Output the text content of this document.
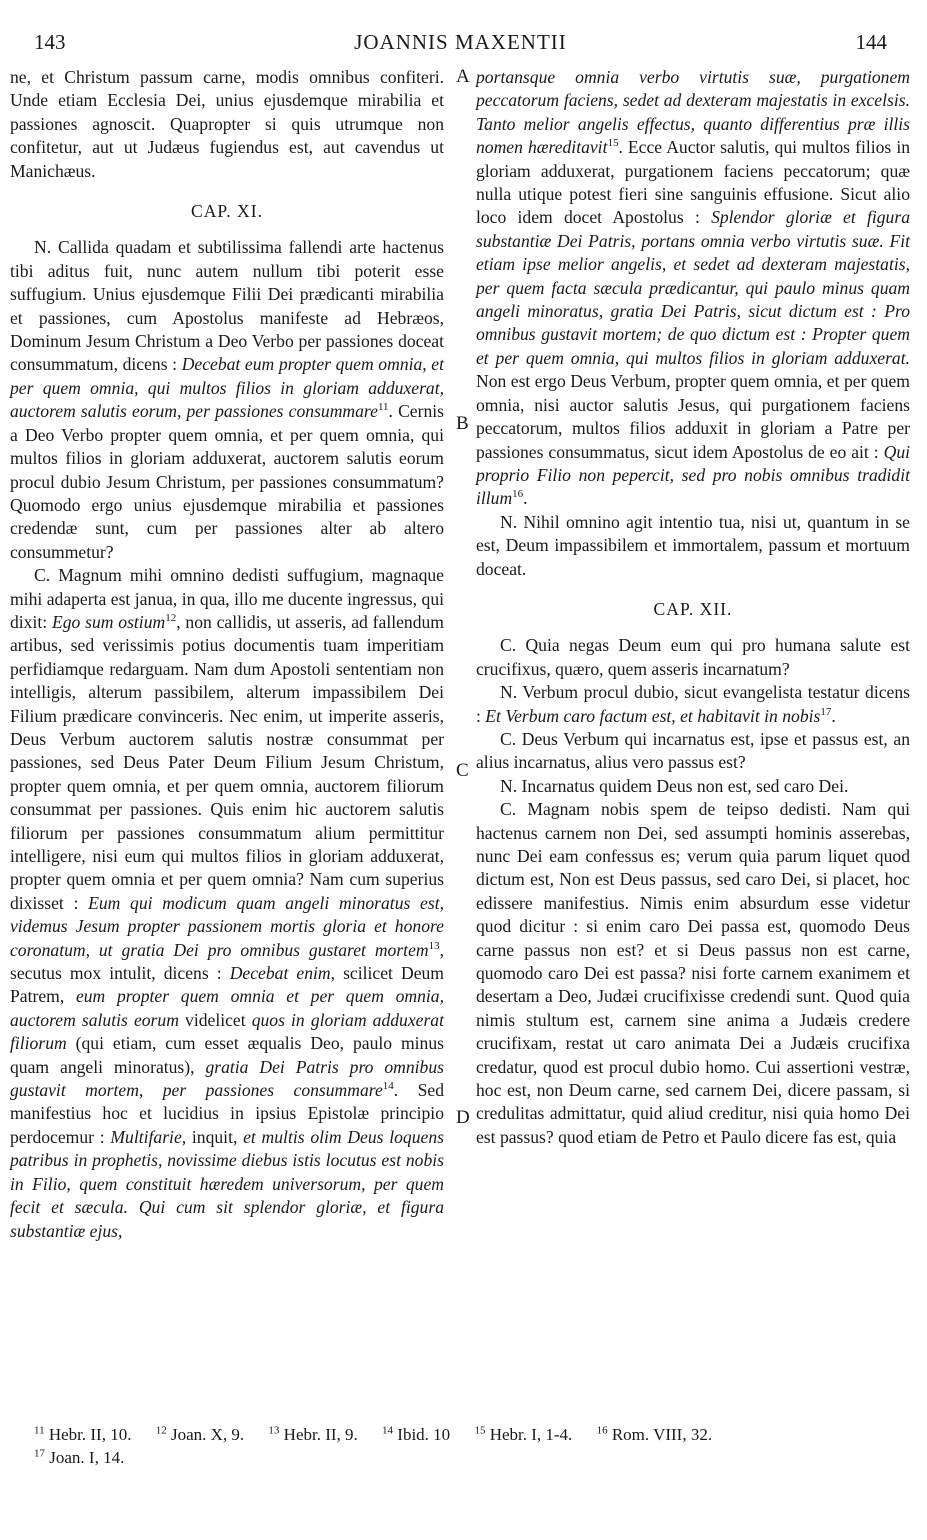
143	JOANNIS MAXENTII	144
A
B
C
D

ne, et Christum passum carne, modis omnibus confiteri. Unde etiam Ecclesia Dei, unius ejusdemque mirabilia et passiones agnoscit. Quapropter si quis utrumque non confitetur, aut ut Judæus fugiendus est, aut cavendus ut Manichæus.

CAP. XI.

N. Callida quadam et subtilissima fallendi arte hactenus tibi aditus fuit, nunc autem nullum tibi poterit esse suffugium. Unius ejusdemque Filii Dei prædicanti mirabilia et passiones, cum Apostolus manifeste ad Hebræos, Dominum Jesum Christum a Deo Verbo per passiones doceat consummatum, dicens : Decebat eum propter quem omnia, et per quem omnia, qui multos filios in gloriam adduxerat, auctorem salutis eorum, per passiones consummare$^{11}$. Cernis a Deo Verbo propter quem omnia, et per quem omnia, qui multos filios in gloriam adduxerat, auctorem salutis eorum procul dubio Jesum Christum, per passiones consummatum? Quomodo ergo unius ejusdemque mirabilia et passiones credendæ sunt, cum per passiones alter ab altero consummetur?

C. Magnum mihi omnino dedisti suffugium, magnaque mihi adaperta est janua, in qua, illo me ducente ingressus, qui dixit: Ego sum ostium$^{12}$, non callidis, ut asseris, ad fallendum artibus, sed verissimis potius documentis tuam imperitiam perfidiamque redarguam. Nam dum Apostoli sententiam non intelligis, alterum passibilem, alterum impassibilem Dei Filium prædicare convinceris. Nec enim, ut imperite asseris, Deus Verbum auctorem salutis nostræ consummat per passiones, sed Deus Pater Deum Filium Jesum Christum, propter quem omnia, et per quem omnia, auctorem filiorum consummat per passiones. Quis enim hic auctorem salutis filiorum per passiones consummatum alium permittitur intelligere, nisi eum qui multos filios in gloriam adduxerat, propter quem omnia et per quem omnia? Nam cum superius dixisset : Eum qui modicum quam angeli minoratus est, videmus Jesum propter passionem mortis gloria et honore coronatum, ut gratia Dei pro omnibus gustaret mortem$^{13}$, secutus mox intulit, dicens : Decebat enim, scilicet Deum Patrem, eum propter quem omnia et per quem omnia, auctorem salutis eorum videlicet quos in gloriam adduxerat filiorum (qui etiam, cum esset æqualis Deo, paulo minus quam angeli minoratus), gratia Dei Patris pro omnibus gustavit mortem, per passiones consummare$^{14}$. Sed manifestius hoc et lucidius in ipsius Epistolæ principio perdocemur : Multifarie, inquit, et multis olim Deus loquens patribus in prophetis, novissime diebus istis locutus est nobis in Filio, quem constituit hæredem universorum, per quem fecit et sæcula. Qui cum sit splendor gloriæ, et figura substantiæ ejus,

portansque omnia verbo virtutis suæ, purgationem peccatorum faciens, sedet ad dexteram majestatis in excelsis. Tanto melior angelis effectus, quanto differentius præ illis nomen hæreditavit$^{15}$. Ecce Auctor salutis, qui multos filios in gloriam adduxerat, purgationem faciens peccatorum; quæ nulla utique potest fieri sine sanguinis effusione. Sicut alio loco idem docet Apostolus : Splendor gloriæ et figura substantiæ Dei Patris, portans omnia verbo virtutis suæ. Fit etiam ipse melior angelis, et sedet ad dexteram majestatis, per quem facta sæcula prædicantur, qui paulo minus quam angeli minoratus, gratia Dei Patris, sicut dictum est : Pro omnibus gustavit mortem; de quo dictum est : Propter quem et per quem omnia, qui multos filios in gloriam adduxerat. Non est ergo Deus Verbum, propter quem omnia, et per quem omnia, nisi auctor salutis Jesus, qui purgationem faciens peccatorum, multos filios adduxit in gloriam a Patre per passiones consummatus, sicut idem Apostolus de eo ait : Qui proprio Filio non pepercit, sed pro nobis omnibus tradidit illum$^{16}$.

N. Nihil omnino agit intentio tua, nisi ut, quantum in se est, Deum impassibilem et immortalem, passum et mortuum doceat.

CAP. XII.

C. Quia negas Deum eum qui pro humana salute est crucifixus, quæro, quem asseris incarnatum?

N. Verbum procul dubio, sicut evangelista testatur dicens : Et Verbum caro factum est, et habitavit in nobis$^{17}$.

C. Deus Verbum qui incarnatus est, ipse et passus est, an alius incarnatus, alius vero passus est?

N. Incarnatus quidem Deus non est, sed caro Dei.

C. Magnam nobis spem de teipso dedisti. Nam qui hactenus carnem non Dei, sed assumpti hominis asserebas, nunc Dei eam confessus es; verum quia parum liquet quod dictum est, Non est Deus passus, sed caro Dei, si placet, hoc edissere manifestius. Nimis enim absurdum esse videtur quod dicitur : si enim caro Dei passa est, quomodo Deus carne passus non est? et si Deus passus non est carne, quomodo caro Dei est passa? nisi forte carnem exanimem et desertam a Deo, Judæi crucifixisse credendi sunt. Quod quia nimis stultum est, carnem sine anima a Judæis credere crucifixam, restat ut caro animata Dei a Judæis crucifixa credatur, quod est procul dubio homo. Cui assertioni vestræ, hoc est, non Deum carne, sed carnem Dei, dicere passam, si credulitas admittatur, quid aliud creditur, nisi quia homo Dei est passus? quod etiam de Petro et Paulo dicere fas est, quia

$^{11}$ Hebr. II, 10. $^{12}$ Joan. X, 9. $^{13}$ Hebr. II, 9. $^{14}$ Ibid. 10 $^{15}$ Hebr. I, 1-4. $^{16}$ Rom. VIII, 32.
$^{17}$ Joan. I, 14.
